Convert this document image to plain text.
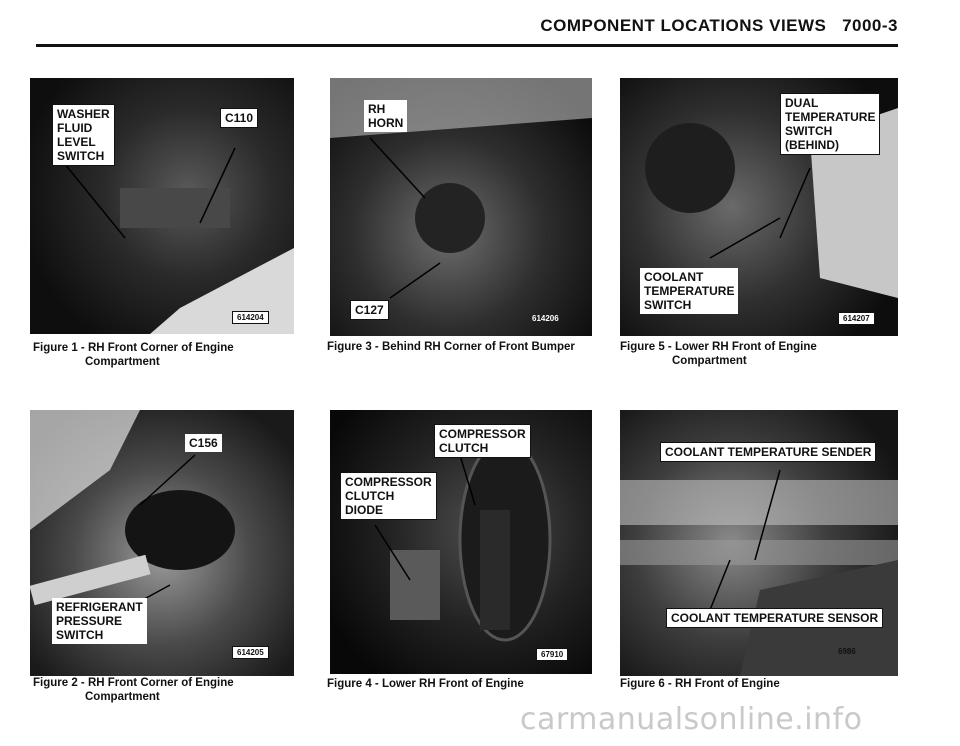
COMPONENT LOCATIONS VIEWS 7000-3
WASHER
FLUID
LEVEL
SWITCH
C110
614204
Figure 1 - RH Front Corner of Engine
Compartment
RH
HORN
C127
614206
Figure 3 - Behind RH Corner of Front Bumper
DUAL
TEMPERATURE
SWITCH
(BEHIND)
COOLANT
TEMPERATURE
SWITCH
614207
Figure 5 - Lower RH Front of Engine
Compartment
C156
REFRIGERANT
PRESSURE
SWITCH
614205
Figure 2 - RH Front Corner of Engine
Compartment
COMPRESSOR
CLUTCH
COMPRESSOR
CLUTCH
DIODE
67910
Figure 4 - Lower RH Front of Engine
COOLANT TEMPERATURE SENDER
COOLANT TEMPERATURE SENSOR
6986
Figure 6 - RH Front of Engine
carmanualsonline.info
